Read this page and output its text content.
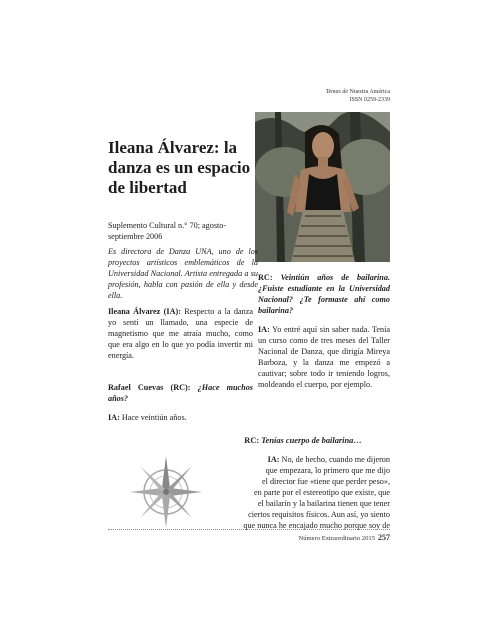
Temas de Nuestra América
ISSN 0259-2339
Ileana Álvarez: la danza es un espacio de libertad
Suplemento Cultural n.° 70; agosto-septiembre 2006
Es directora de Danza UNA, uno de los proyectos artísticos emblemáticos de la Universidad Nacional. Artista entregada a su profesión, habla con pasión de ella y desde ella.
Ileana Álvarez (IA): Respecto a la danza yo sentí un llamado, una especie de magnetismo que me atraía mucho, como que era algo en lo que yo podía invertir mi energía.
Rafael Cuevas (RC): ¿Hace muchos años?
IA: Hace veintiún años.
RC: Veintiún años de bailarina. ¿Fuiste estudiante en la Universidad Nacional? ¿Te formaste ahí como bailarina?
IA: Yo entré aquí sin saber nada. Tenía un curso como de tres meses del Taller Nacional de Danza, que dirigía Mireya Barboza, y la danza me empezó a cautivar; sobre todo ir teniendo logros, moldeando el cuerpo, por ejemplo.
RC: Tenías cuerpo de bailarina…
IA: No, de hecho, cuando me dijeron
que empezara, lo primero que me dijo
el director fue «tiene que perder peso»,
en parte por el estereotipo que existe, que
el bailarín y la bailarina tienen que tener
ciertos requisitos físicos. Aun así, yo siento
que nunca he encajado mucho porque soy de
Número Extraordinario 2015 257
